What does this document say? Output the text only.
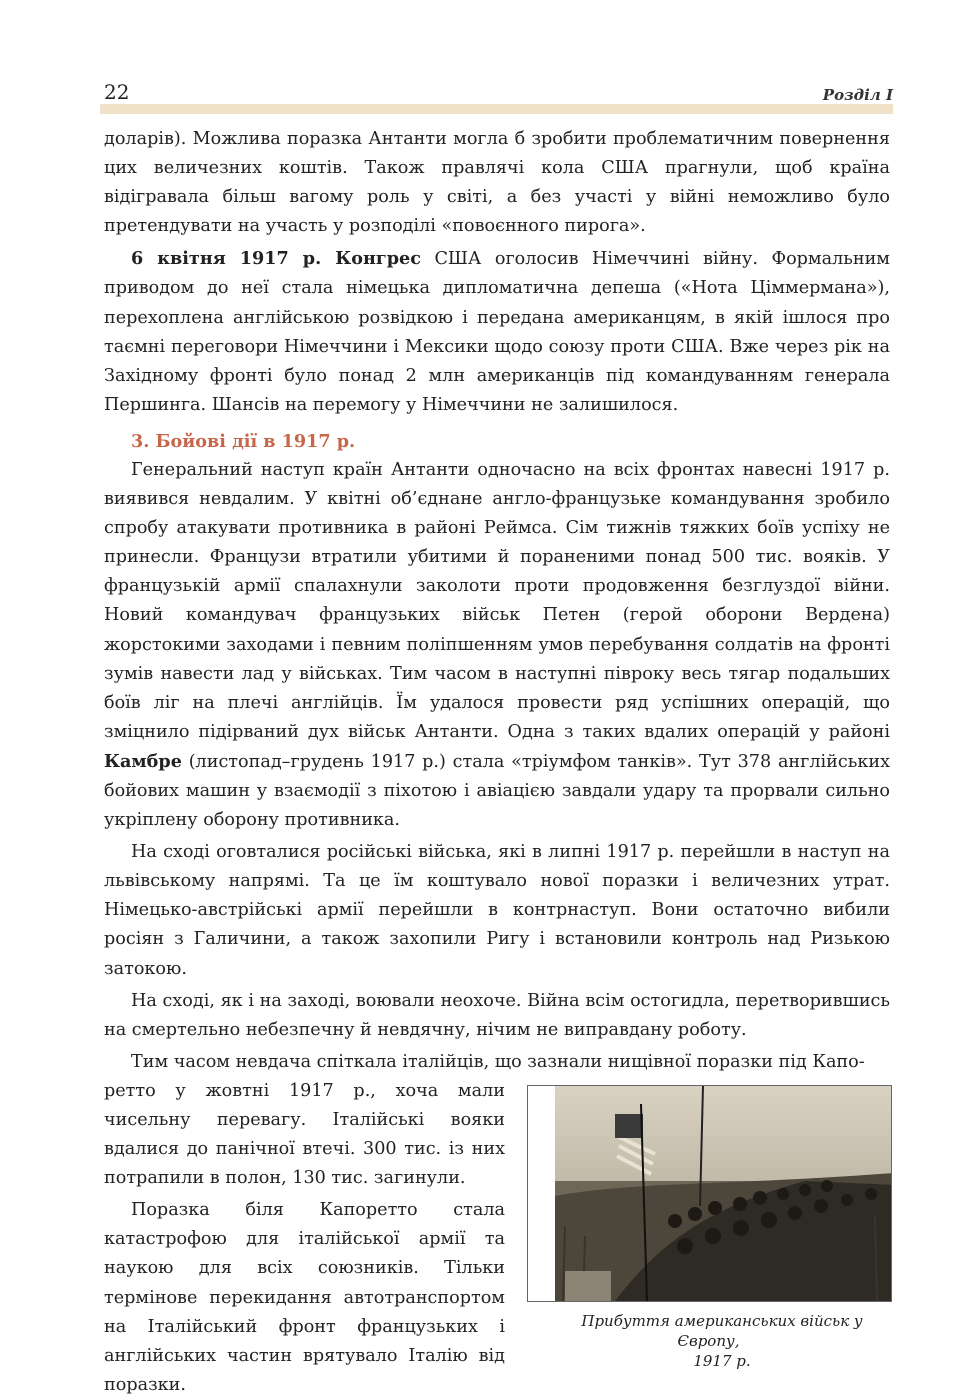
22	Розділ І

доларів). Можлива поразка Антанти могла б зробити проблематичним повернення цих величезних коштів. Також правлячі кола США прагнули, щоб країна відігравала більш вагому роль у світі, а без участі у війні неможливо було претендувати на участь у розподілі «повоєнного пирога».

6 квітня 1917 р. Конгрес США оголосив Німеччині війну. Формальним приводом до неї стала німецька дипломатична депеша («Нота Ціммермана»), перехоплена англійською розвідкою і передана американцям, в якій ішлося про таємні переговори Німеччини і Мексики щодо союзу проти США. Вже через рік на Західному фронті було понад 2 млн американців під командуванням генерала Першинга. Шансів на перемогу у Німеччини не залишилося.

3. Бойові дії в 1917 р.

Генеральний наступ країн Антанти одночасно на всіх фронтах навесні 1917 р. виявився невдалим. У квітні об’єднане англо-французьке командування зробило спробу атакувати противника в районі Реймса. Сім тижнів тяжких боїв успіху не принесли. Французи втратили убитими й пораненими понад 500 тис. вояків. У французькій армії спалахнули заколоти проти продовження безглуздої війни. Новий командувач французьких військ Петен (герой оборони Вердена) жорстокими заходами і певним поліпшенням умов перебування солдатів на фронті зумів навести лад у військах. Тим часом в наступні півроку весь тягар подальших боїв ліг на плечі англійців. Їм удалося провести ряд успішних операцій, що зміцнило підірваний дух військ Антанти. Одна з таких вдалих операцій у районі Камбре (листопад–грудень 1917 р.) стала «тріумфом танків». Тут 378 англійських бойових машин у взаємодії з піхотою і авіацією завдали удару та прорвали сильно укріплену оборону противника.

На сході оговталися російські війська, які в липні 1917 р. перейшли в наступ на львівському напрямі. Та це їм коштувало нової поразки і величезних утрат. Німецько-австрійські армії перейшли в контрнаступ. Вони остаточно вибили росіян з Галичини, а також захопили Ригу і встановили контроль над Ризькою затокою.

На сході, як і на заході, воювали неохоче. Війна всім остогидла, перетворившись на смертельно небезпечну й невдячну, нічим не виправдану роботу.

Тим часом невдача спіткала італійців, що зазнали нищівної поразки під Капо-
Прибуття американських військ у Європу,
1917 р.
ретто у жовтні 1917 р., хоча мали чисельну перевагу. Італійські вояки вдалися до панічної втечі. 300 тис. із них потрапили в полон, 130 тис. загинули.

Поразка біля Капоретто стала катастрофою для італійської армії та наукою для всіх союзників. Тільки термінове перекидання автотранспортом на Італійський фронт французьких і англійських частин врятувало Італію від поразки.
